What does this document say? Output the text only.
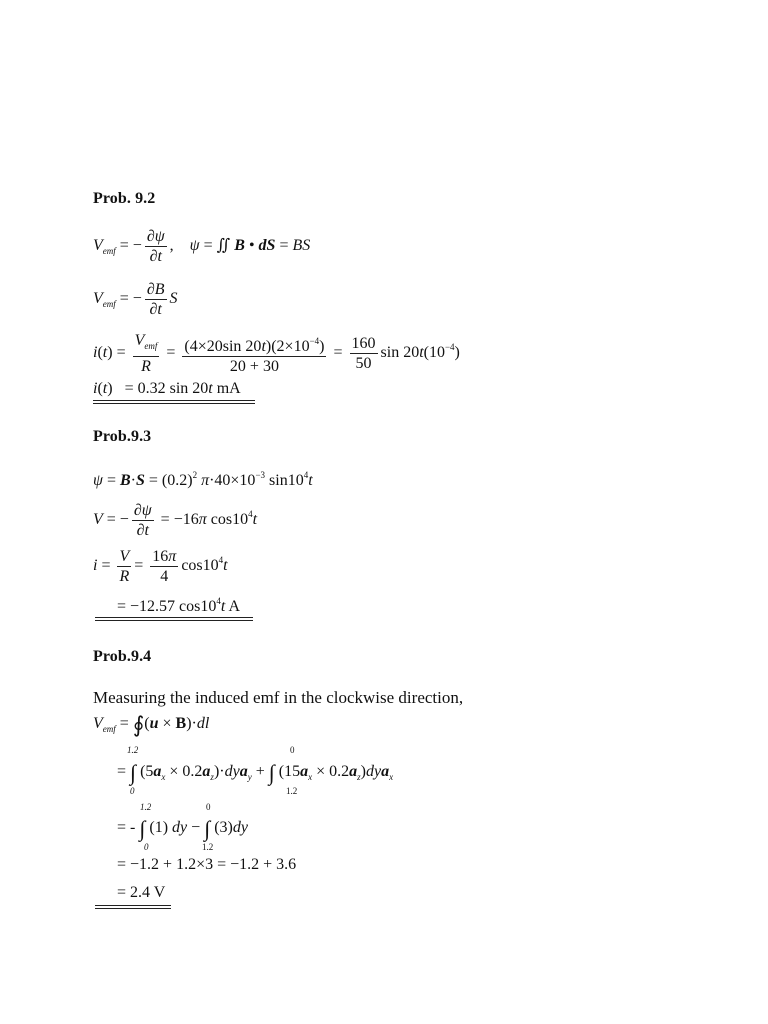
Prob. 9.2
$V_{emf}$ = − $\frac{\partial\psi}{\partial t}$ ,    ψ = ∬ B • dS = BS
$V_{emf}$ = − $\frac{\partial B}{\partial t}$ S
$i(t) = \frac{V_{emf}}{R} = \frac{(4\times 20\sin 20t)(2\times 10^{-4})}{20 + 30} = \frac{160}{50}$ $\sin 20t(10^{-4})$
i(t)   = 0.32 sin 20t mA
Prob.9.3
$\psi = B\cdot S = (0.2)^2$ $\pi\cdot 40\times 10^{-3}$ $\sin 10^4t$
V = − $\frac{\partial\psi}{\partial t} = -16\pi$ $\cos 10^4t$
$i = \frac{V}{R} = \frac{16\pi}{4} \cos 10^4t$
= −12.57 $\cos 10^4t$ A
Prob.9.4
Measuring the induced emf in the clockwise direction,
$V_{emf}$ = ∮(u × B)·dl
1.2
0
0
1.2
= ∫ $(5a_x \times 0.2a_z)\cdot dya_y$ + ∫ $(15a_x \times 0.2a_z)dya_x$
1.2
0
0
1.2
= - ∫ (1) dy − ∫ (3)dy
= −1.2 + 1.2×3 = −1.2 + 3.6
= 2.4 V
